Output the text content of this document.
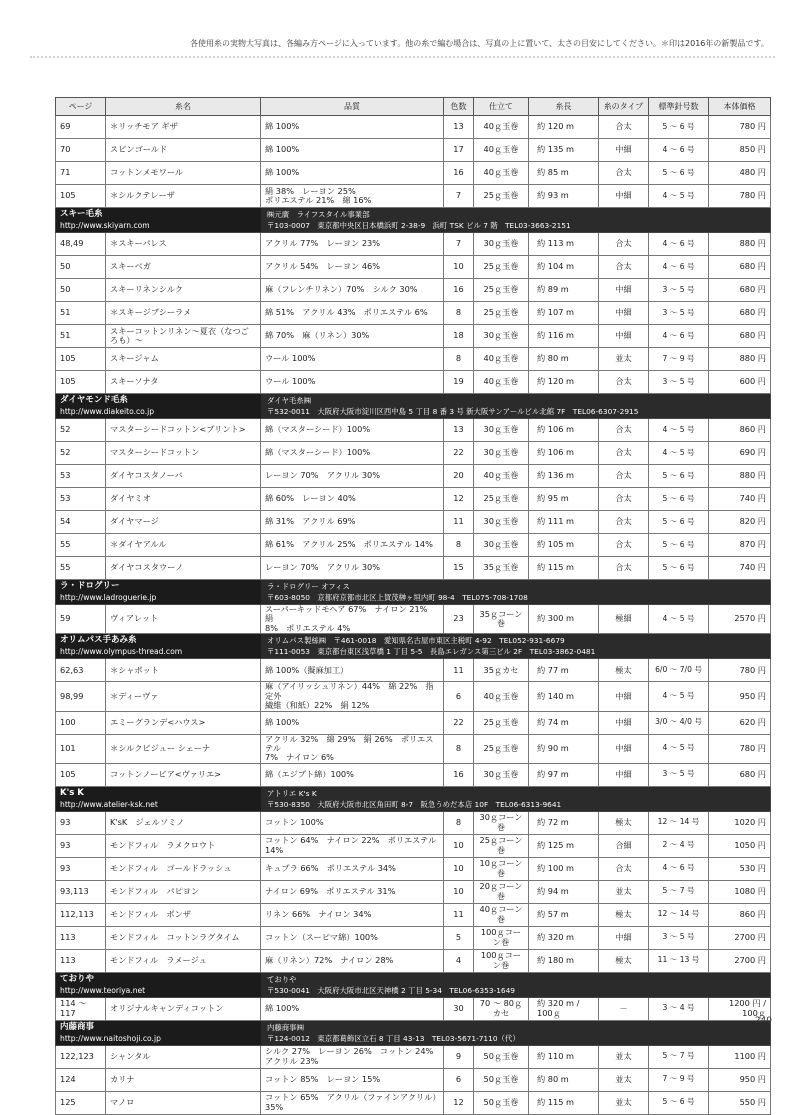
各使用糸の実物大写真は、各編み方ページに入っています。他の糸で編む場合は、写真の上に置いて、太さの目安にしてください。＊印は2016年の新製品です。
ページ	糸名	品質	色数	仕立て	糸長	糸のタイプ	標準針号数	本体価格
69	＊リッチモア ギザ	綿 100%	13	40ｇ玉巻	約 120 m	合太	5 ～ 6 号	780 円
70	スピンゴールド	綿 100%	17	40ｇ玉巻	約 135 m	中細	4 ～ 6 号	850 円
71	コットンメモワール	綿 100%	16	40ｇ玉巻	約 85 m	合太	5 ～ 6 号	480 円
105	＊シルクテレーザ	絹 38%　レーヨン 25%
ポリエステル 21%　綿 16%	7	25ｇ玉巻	約 93 m	中細	4 ～ 5 号	780 円

スキー毛糸
http://www.skiyarn.com
㈱元廣　ライフスタイル事業部
〒103-0007　東京都中央区日本橋浜町 2-38-9　浜町 TSK ビル 7 階　TEL03-3663-2151								

48,49	＊スキーパレス	アクリル 77%　レーヨン 23%	7	30ｇ玉巻	約 113 m	合太	4 ～ 6 号	880 円
50	スキーベガ	アクリル 54%　レーヨン 46%	10	25ｇ玉巻	約 104 m	合太	4 ～ 6 号	680 円
50	スキーリネンシルク	麻（フレンチリネン）70%　シルク 30%	16	25ｇ玉巻	約 89 m	中細	3 ～ 5 号	680 円
51	＊スキージブシーラメ	綿 51%　アクリル 43%　ポリエステル 6%	8	25ｇ玉巻	約 107 m	中細	3 ～ 5 号	680 円
51	スキーコットンリネン～夏衣（なつごろも）～	綿 70%　麻（リネン）30%	18	30ｇ玉巻	約 116 m	中細	4 ～ 6 号	680 円
105	スキージャム	ウール 100%	8	40ｇ玉巻	約 80 m	並太	7 ～ 9 号	880 円
105	スキーソナタ	ウール 100%	19	40ｇ玉巻	約 120 m	合太	3 ～ 5 号	600 円

ダイヤモンド毛糸
http://www.diakeito.co.jp
ダイヤ毛糸㈱
〒532-0011　大阪府大阪市淀川区西中島 5 丁目 8 番 3 号 新大阪サンアールビル北館 7F　TEL06-6307-2915								

52	マスターシードコットン<プリント>	綿（マスターシード）100%	13	30ｇ玉巻	約 106 m	合太	4 ～ 5 号	860 円
52	マスターシードコットン	綿（マスターシード）100%	22	30ｇ玉巻	約 106 m	合太	4 ～ 5 号	690 円
53	ダイヤコスタノーバ	レーヨン 70%　アクリル 30%	20	40ｇ玉巻	約 136 m	合太	5 ～ 6 号	880 円
53	ダイヤミオ	綿 60%　レーヨン 40%	12	25ｇ玉巻	約 95 m	合太	5 ～ 6 号	740 円
54	ダイヤマージ	綿 31%　アクリル 69%	11	30ｇ玉巻	約 111 m	合太	5 ～ 6 号	820 円
55	＊ダイヤアルル	綿 61%　アクリル 25%　ポリエステル 14%	8	30ｇ玉巻	約 105 m	合太	5 ～ 6 号	870 円
55	ダイヤコスタウーノ	レーヨン 70%　アクリル 30%	15	35ｇ玉巻	約 115 m	合太	5 ～ 6 号	740 円

ラ・ドログリー
http://www.ladroguerie.jp
ラ・ドログリー オフィス
〒603-8050　京都府京都市北区上賀茂榊ヶ垣内町 98-4　TEL075-708-1708								

59	ヴィアレット	スーパーキッドモヘア 67%　ナイロン 21%　絹
8%　ポリエステル 4%	23	35ｇコーン巻	約 300 m	極細	4 ～ 5 号	2570 円

オリムパス手あみ糸
http://www.olympus-thread.com
オリムパス製絲㈱　〒461-0018　愛知県名古屋市東区主税町 4-92　TEL052-931-6679
〒111-0053　東京都台東区浅草橋 1 丁目 5-5　長島エレガンス第三ビル 2F　TEL03-3862-0481								

62,63	＊シャボット	綿 100%（擬麻加工）	11	35ｇカセ	約 77 m	極太	6/0 ～ 7/0 号	780 円
98,99	＊ディーヴァ	麻（アイリッシュリネン）44%　綿 22%　指定外
繊維（和紙）22%　絹 12%	6	40ｇ玉巻	約 140 m	中細	4 ～ 5 号	950 円
100	エミーグランデ<ハウス>	綿 100%	22	25ｇ玉巻	約 74 m	中細	3/0 ～ 4/0 号	620 円
101	＊シルクビジュー シェーナ	アクリル 32%　綿 29%　絹 26%　ポリエステル
7%　ナイロン 6%	8	25ｇ玉巻	約 90 m	中細	4 ～ 5 号	780 円
105	コットンノービア<ヴァリエ>	綿（エジプト綿）100%	16	30ｇ玉巻	約 97 m	中細	3 ～ 5 号	680 円

K's K
http://www.atelier-ksk.net
アトリエ K's K
〒530-8350　大阪府大阪市北区角田町 8-7　阪急うめだ本店 10F　TEL06-6313-9641								

93	K'sK　ジェルソミノ	コットン 100%	8	30ｇコーン巻	約 72 m	極太	12 ～ 14 号	1020 円
93	モンドフィル　ラメクロウト	コットン 64%　ナイロン 22%　ポリエステル 14%	10	25ｇコーン巻	約 125 m	合細	2 ～ 4 号	1050 円
93	モンドフィル　ゴールドラッシュ	キュプラ 66%　ポリエステル 34%	10	10ｇコーン巻	約 100 m	合太	4 ～ 6 号	530 円
93,113	モンドフィル　パピヨン	ナイロン 69%　ポリエステル 31%	10	20ｇコーン巻	約 94 m	並太	5 ～ 7 号	1080 円
112,113	モンドフィル　ボンザ	リネン 66%　ナイロン 34%	11	40ｇコーン巻	約 57 m	極太	12 ～ 14 号	860 円
113	モンドフィル　コットンラグタイム	コットン（スーピマ綿）100%	5	100ｇコーン巻	約 320 m	中細	3 ～ 5 号	2700 円
113	モンドフィル　ラメージュ	麻（リネン）72%　ナイロン 28%	4	100ｇコーン巻	約 180 m	極太	11 ～ 13 号	2700 円

ておりや
http://www.teoriya.net
ておりや
〒530-0041　大阪府大阪市北区天神橋 2 丁目 5-34　TEL06-6353-1649								

114 ～ 117	オリジナルキャンディコットン	綿 100%	30	70 ～ 80ｇカセ	約 320 m / 100ｇ	－	3 ～ 4 号	1200 円 / 100ｇ

内藤商事
http://www.naitoshoji.co.jp
内藤商事㈱
〒124-0012　東京都葛飾区立石 8 丁目 43-13　TEL03-5671-7110（代）								

122,123	シャンタル	シルク 27%　レーヨン 26%　コットン 24%
アクリル 23%	9	50ｇ玉巻	約 110 m	並太	5 ～ 7 号	1100 円
124	カリナ	コットン 85%　レーヨン 15%	6	50ｇ玉巻	約 80 m	並太	7 ～ 9 号	950 円
125	マノロ	コットン 65%　アクリル（ファインアクリル）35%	12	50ｇ玉巻	約 115 m	並太	5 ～ 6 号	550 円
240
